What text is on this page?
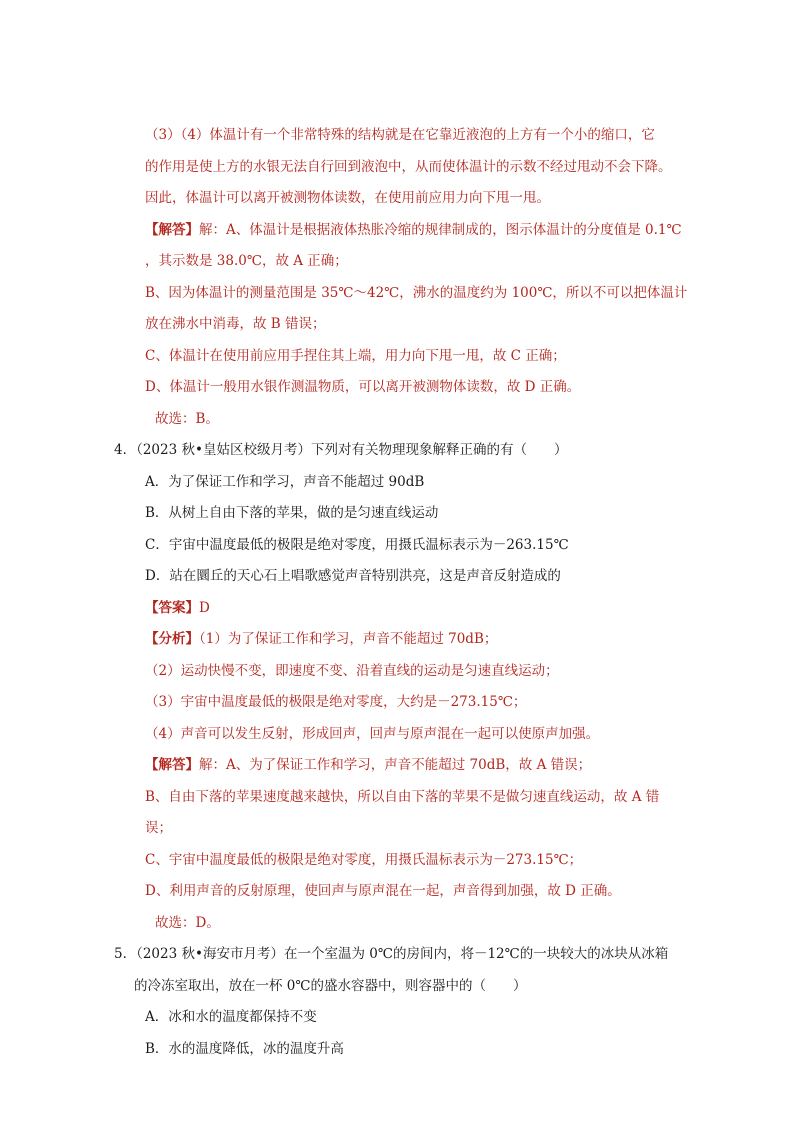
（3）（4）体温计有一个非常特殊的结构就是在它靠近液泡的上方有一个小的缩口，它
的作用是使上方的水银无法自行回到液泡中，从而使体温计的示数不经过甩动不会下降。
因此，体温计可以离开被测物体读数，在使用前应用力向下甩一甩。
【解答】解：A、体温计是根据液体热胀冷缩的规律制成的，图示体温计的分度值是 0.1℃
，其示数是 38.0℃，故 A 正确；
B、因为体温计的测量范围是 35℃～42℃，沸水的温度约为 100℃，所以不可以把体温计
放在沸水中消毒，故 B 错误；
C、体温计在使用前应用手捏住其上端，用力向下甩一甩，故 C 正确；
D、体温计一般用水银作测温物质，可以离开被测物体读数，故 D 正确。
故选：B。
4．（2023 秋•皇姑区校级月考）下列对有关物理现象解释正确的有（　　）
A．为了保证工作和学习，声音不能超过 90dB
B．从树上自由下落的苹果，做的是匀速直线运动
C．宇宙中温度最低的极限是绝对零度，用摄氏温标表示为－263.15℃
D．站在圜丘的天心石上唱歌感觉声音特别洪亮，这是声音反射造成的
【答案】D
【分析】（1）为了保证工作和学习，声音不能超过 70dB；
（2）运动快慢不变，即速度不变、沿着直线的运动是匀速直线运动；
（3）宇宙中温度最低的极限是绝对零度，大约是－273.15℃；
（4）声音可以发生反射，形成回声，回声与原声混在一起可以使原声加强。
【解答】解：A、为了保证工作和学习，声音不能超过 70dB，故 A 错误；
B、自由下落的苹果速度越来越快，所以自由下落的苹果不是做匀速直线运动，故 A 错
误；
C、宇宙中温度最低的极限是绝对零度，用摄氏温标表示为－273.15℃；
D、利用声音的反射原理，使回声与原声混在一起，声音得到加强，故 D 正确。
故选：D。
5．（2023 秋•海安市月考）在一个室温为 0℃的房间内，将－12℃的一块较大的冰块从冰箱
的冷冻室取出，放在一杯 0℃的盛水容器中，则容器中的（　　）
A．冰和水的温度都保持不变
B．水的温度降低，冰的温度升高
